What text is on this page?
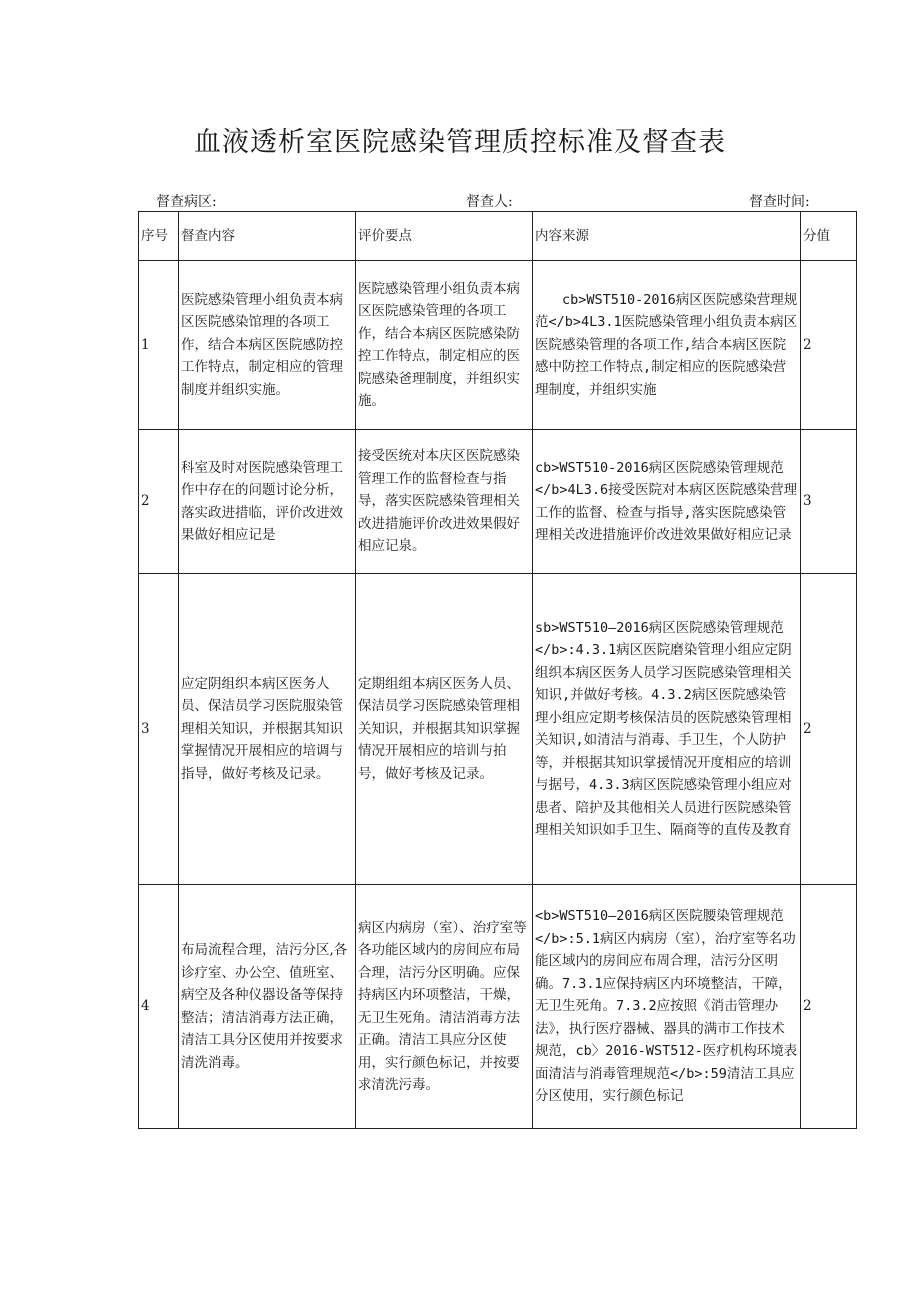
血液透析室医院感染管理质控标准及督查表
督查病区:	督查人:	督查时间:
序号	督查内容	评价要点	内容来源	分值
1	医院感染管理小组负责本病区医院感染馆理的各项工作，结合本病区医院感防控工作特点，制定相应的管理制度并组织实施。	医院感染管理小组负责本病区医院感染管理的各项工作，结合本病区医院感染防控工作特点，制定相应的医院感染爸理制度，并组织实施。	　　cb>WST510-2016病区医院感染营理规范</b>4L3.1医院感染管理小组负责本病区医院感染管理的各项工作,结合本病区医院感中防控工作特点,制定相应的医院感染营理制度，并组织实施	2
2	科室及时对医院感染管理工作中存在的问题讨论分析，落实政进措临，评价改进效果做好相应记是	接受医统对本庆区医院感染管理工作的监督检查与指导，落实医院感染管理相关改进措施评价改进效果假好相应记泉。	cb>WST510-2016病区医院感染管理规范</b>4L3.6接受医院对本病区医院感染营理工作的监督、检查与指导,落实医院感染管理相关改进措施评价改进效果做好相应记录	3
3	应定阴组织本病区医务人员、保洁员学习医院服染管理相关知识，并根据其知识掌握情况开展相应的培调与指导，做好考核及记录。	定期组组本病区医务人员、保洁员学习医院感染管理相关知识，并根据其知识掌握情况开展相应的培训与拍号，做好考核及记录。	sb>WST510—2016病区医院感染管理规范</b>:4.3.1病区医院磨染管理小组应定阴组织本病区医务人员学习医院感染管理相关知识,并做好考核。4.3.2病区医院感染管理小组应定期考核保洁员的医院感染管理相关知识,如清洁与消毒、手卫生，个人防护等，并根据其知识掌援情况开度相应的培训与据号，4.3.3病区医院感染管理小组应对患者、陪护及其他相关人员进行医院感染管理相关知识如手卫生、隔商等的直传及教育	2
4	布局流程合理，洁污分区,各诊疗室、办公空、值班室、病空及各种仪器设备等保持整洁；清洁消毒方法正确，清洁工具分区使用并按要求清洗消毒。	病区内病房（室）、治疗室等各功能区域内的房间应布局合理，洁污分区明确。应保持病区内环项整洁，干燥，无卫生死角。清洁消毒方法正确。清洁工具应分区使用，实行颜色标记，并按要求清洗污毒。	<b>WST510—2016病区医院腰染管理规范</b>:5.1病区内病房（室），治疗室等名功能区域内的房间应布周合理，洁污分区明确。7.3.1应保持病区内环境整洁，干障，无卫生死角。7.3.2应按照《消击管理办法》，执行医疗器械、器具的满市工作技术规范，cb〉2016-WST512-医疗机构环境表面清洁与消毒管理规范</b>:59清洁工具应分区使用，实行颜色标记	2
